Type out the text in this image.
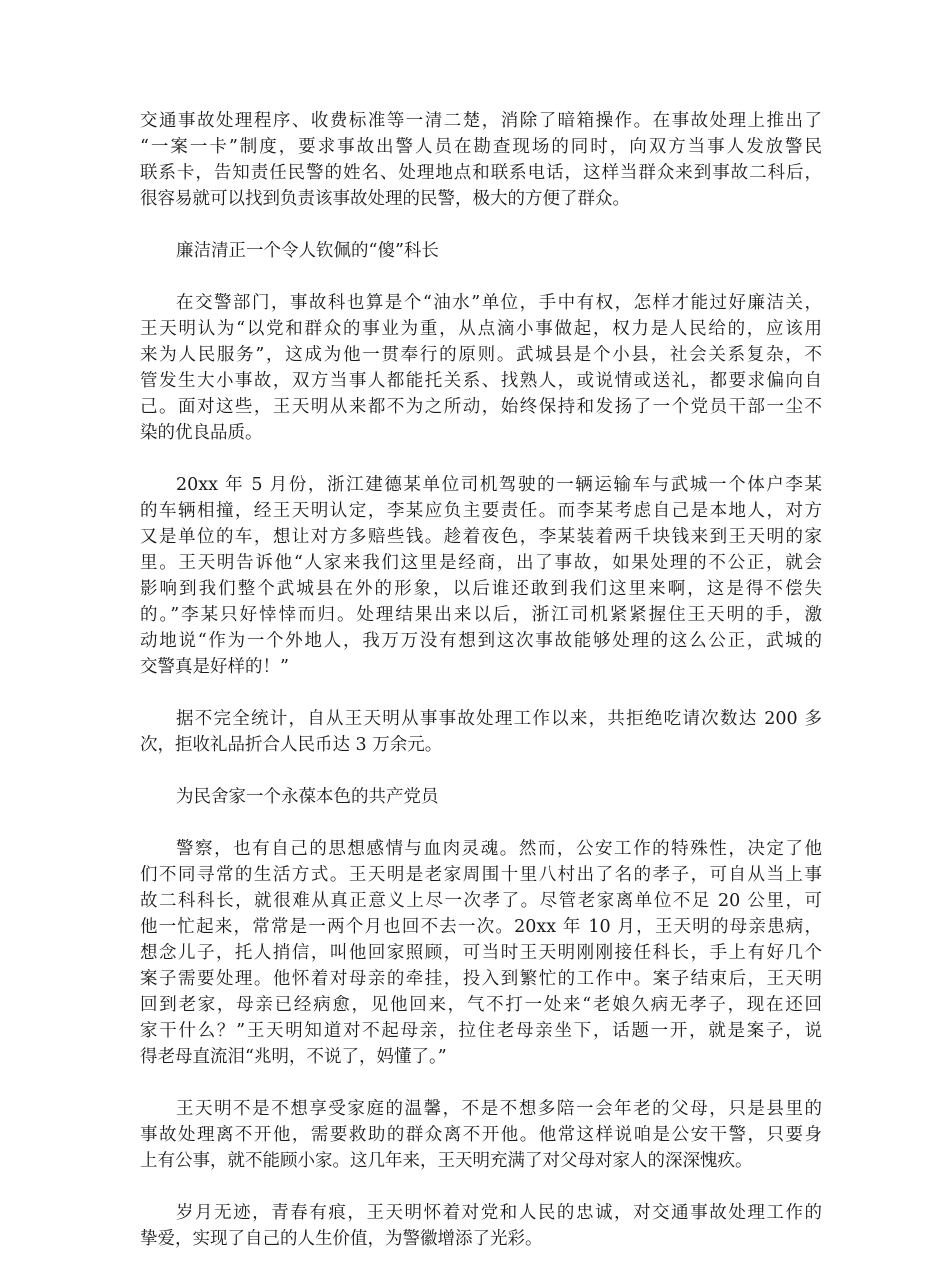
交通事故处理程序、收费标准等一清二楚，消除了暗箱操作。在事故处理上推出了
“一案一卡”制度，要求事故出警人员在勘查现场的同时，向双方当事人发放警民
联系卡，告知责任民警的姓名、处理地点和联系电话，这样当群众来到事故二科后，
很容易就可以找到负责该事故处理的民警，极大的方便了群众。

廉洁清正一个令人钦佩的“傻”科长

在交警部门，事故科也算是个“油水”单位，手中有权，怎样才能过好廉洁关，
王天明认为“以党和群众的事业为重，从点滴小事做起，权力是人民给的，应该用
来为人民服务”，这成为他一贯奉行的原则。武城县是个小县，社会关系复杂，不
管发生大小事故，双方当事人都能托关系、找熟人，或说情或送礼，都要求偏向自
己。面对这些，王天明从来都不为之所动，始终保持和发扬了一个党员干部一尘不
染的优良品质。

20xx 年 5 月份，浙江建德某单位司机驾驶的一辆运输车与武城一个体户李某
的车辆相撞，经王天明认定，李某应负主要责任。而李某考虑自己是本地人，对方
又是单位的车，想让对方多赔些钱。趁着夜色，李某装着两千块钱来到王天明的家
里。王天明告诉他“人家来我们这里是经商，出了事故，如果处理的不公正，就会
影响到我们整个武城县在外的形象，以后谁还敢到我们这里来啊，这是得不偿失
的。”李某只好悻悻而归。处理结果出来以后，浙江司机紧紧握住王天明的手，激
动地说“作为一个外地人，我万万没有想到这次事故能够处理的这么公正，武城的
交警真是好样的！”

据不完全统计，自从王天明从事事故处理工作以来，共拒绝吃请次数达 200 多
次，拒收礼品折合人民币达 3 万余元。

为民舍家一个永葆本色的共产党员

警察，也有自己的思想感情与血肉灵魂。然而，公安工作的特殊性，决定了他
们不同寻常的生活方式。王天明是老家周围十里八村出了名的孝子，可自从当上事
故二科科长，就很难从真正意义上尽一次孝了。尽管老家离单位不足 20 公里，可
他一忙起来，常常是一两个月也回不去一次。20xx 年 10 月，王天明的母亲患病，
想念儿子，托人捎信，叫他回家照顾，可当时王天明刚刚接任科长，手上有好几个
案子需要处理。他怀着对母亲的牵挂，投入到繁忙的工作中。案子结束后，王天明
回到老家，母亲已经病愈，见他回来，气不打一处来“老娘久病无孝子，现在还回
家干什么？”王天明知道对不起母亲，拉住老母亲坐下，话题一开，就是案子，说
得老母直流泪“兆明，不说了，妈懂了。”

王天明不是不想享受家庭的温馨，不是不想多陪一会年老的父母，只是县里的
事故处理离不开他，需要救助的群众离不开他。他常这样说咱是公安干警，只要身
上有公事，就不能顾小家。这几年来，王天明充满了对父母对家人的深深愧疚。

岁月无迹，青春有痕，王天明怀着对党和人民的忠诚，对交通事故处理工作的
挚爱，实现了自己的人生价值，为警徽增添了光彩。
